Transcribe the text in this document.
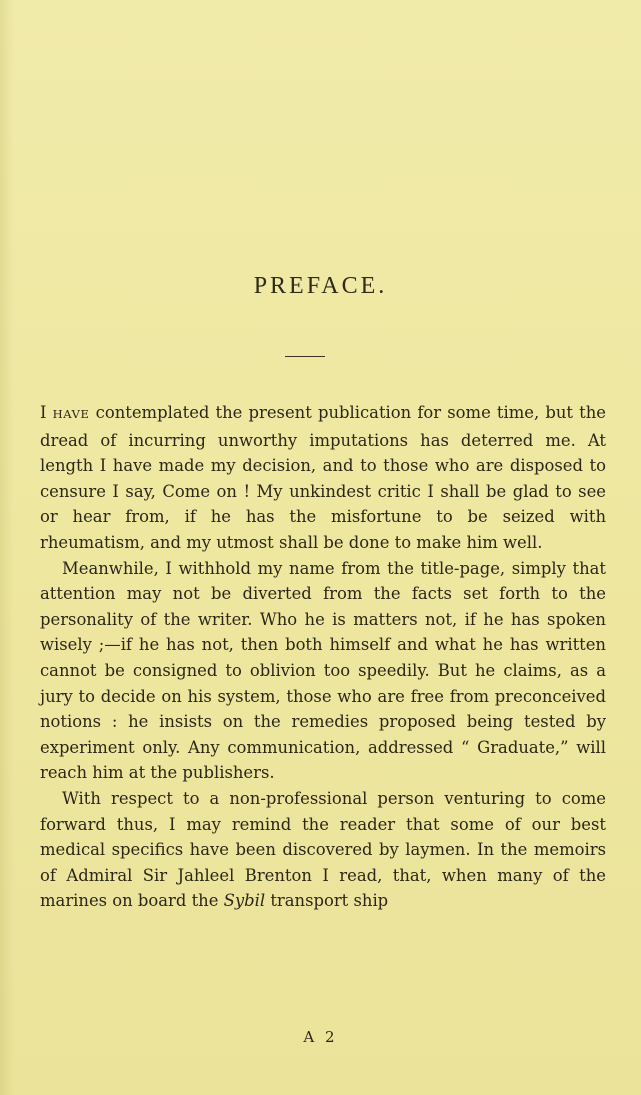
PREFACE.

I HAVE contemplated the present publication for some time, but the dread of incurring unworthy imputations has deterred me. At length I have made my decision, and to those who are disposed to censure I say, Come on ! My unkindest critic I shall be glad to see or hear from, if he has the misfortune to be seized with rheumatism, and my utmost shall be done to make him well.

Meanwhile, I withhold my name from the title-page, simply that attention may not be diverted from the facts set forth to the personality of the writer. Who he is matters not, if he has spoken wisely ;—if he has not, then both himself and what he has written cannot be consigned to oblivion too speedily. But he claims, as a jury to decide on his system, those who are free from preconceived notions : he insists on the remedies proposed being tested by experiment only. Any communication, addressed “ Graduate,” will reach him at the publishers.

With respect to a non-professional person venturing to come forward thus, I may remind the reader that some of our best medical specifics have been discovered by laymen. In the memoirs of Admiral Sir Jahleel Brenton I read, that, when many of the marines on board the Sybil transport ship

A 2
